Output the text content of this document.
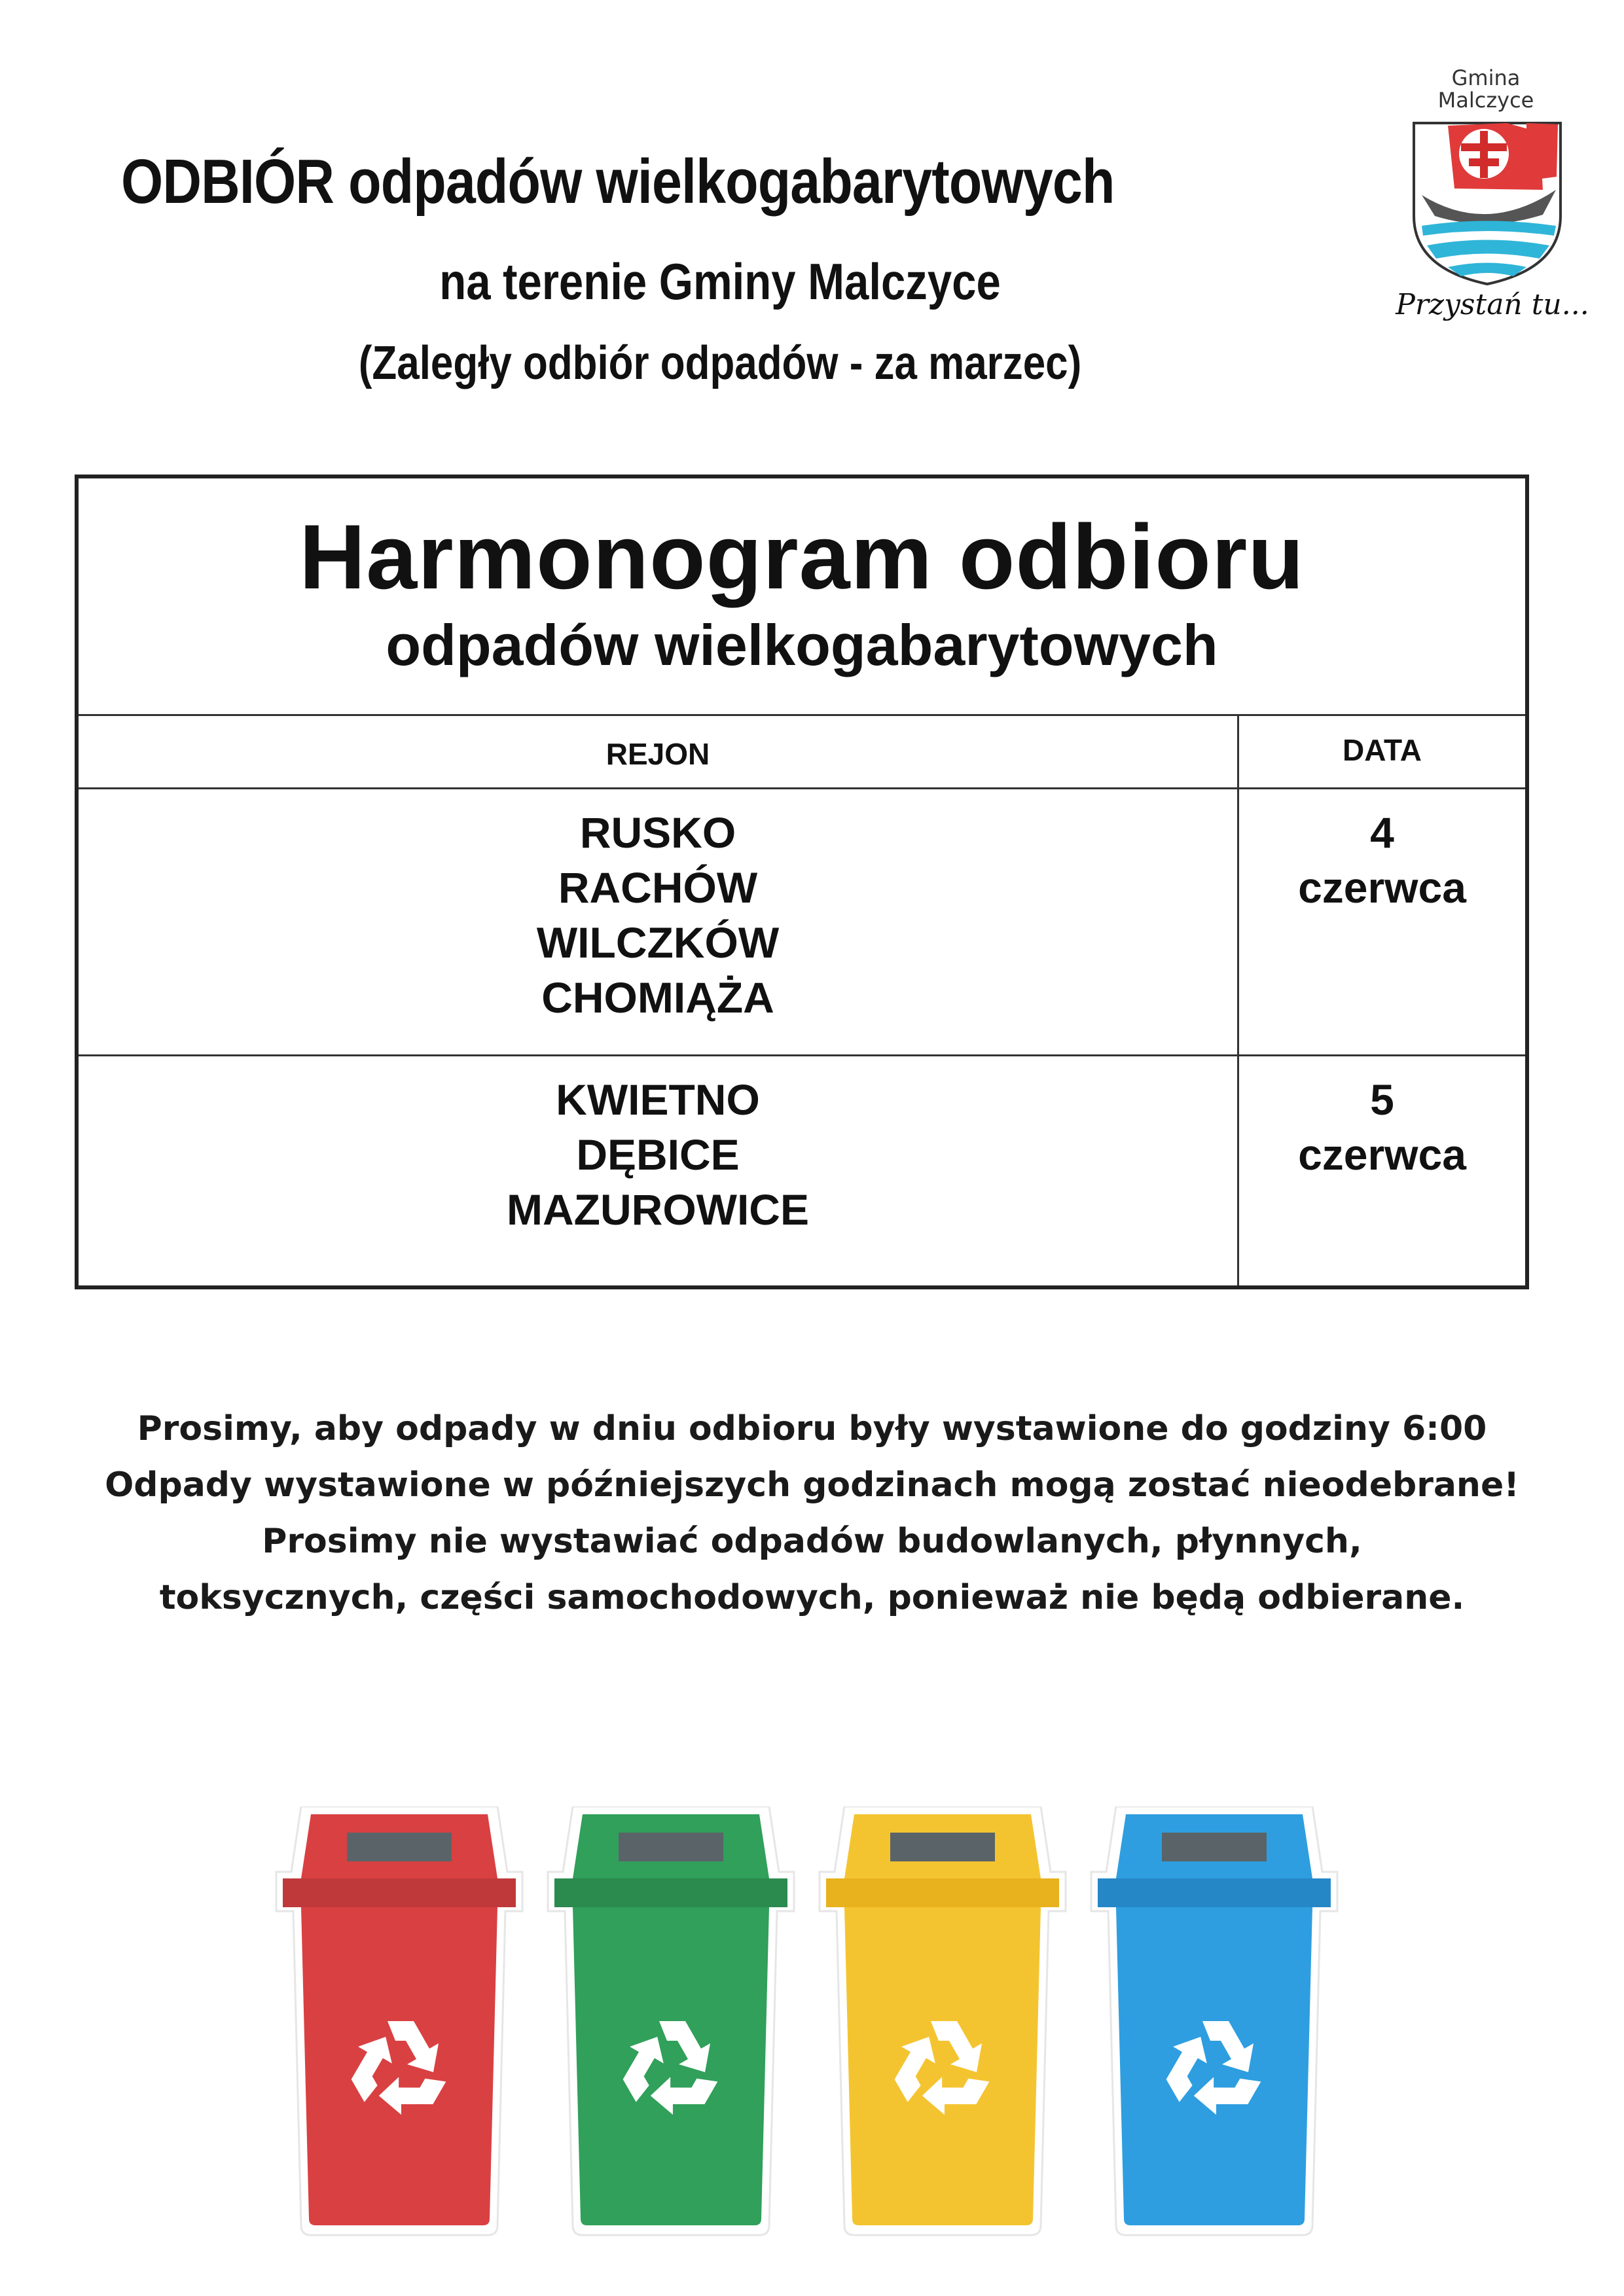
ODBIÓR odpadów wielkogabarytowych
na terenie Gminy Malczyce
(Zaległy odbiór odpadów - za marzec)
Gmina
Malczyce
Przystań tu...
Harmonogram odbioru
odpadów wielkogabarytowych
REJON	DATA
RUSKO
RACHÓW
WILCZKÓW
CHOMIĄŻA
4
czerwca
KWIETNO
DĘBICE
MAZUROWICE
5
czerwca
Prosimy, aby odpady w dniu odbioru były wystawione do godziny 6:00
Odpady wystawione w późniejszych godzinach mogą zostać nieodebrane!
Prosimy nie wystawiać odpadów budowlanych, płynnych,
toksycznych, części samochodowych, ponieważ nie będą odbierane.
